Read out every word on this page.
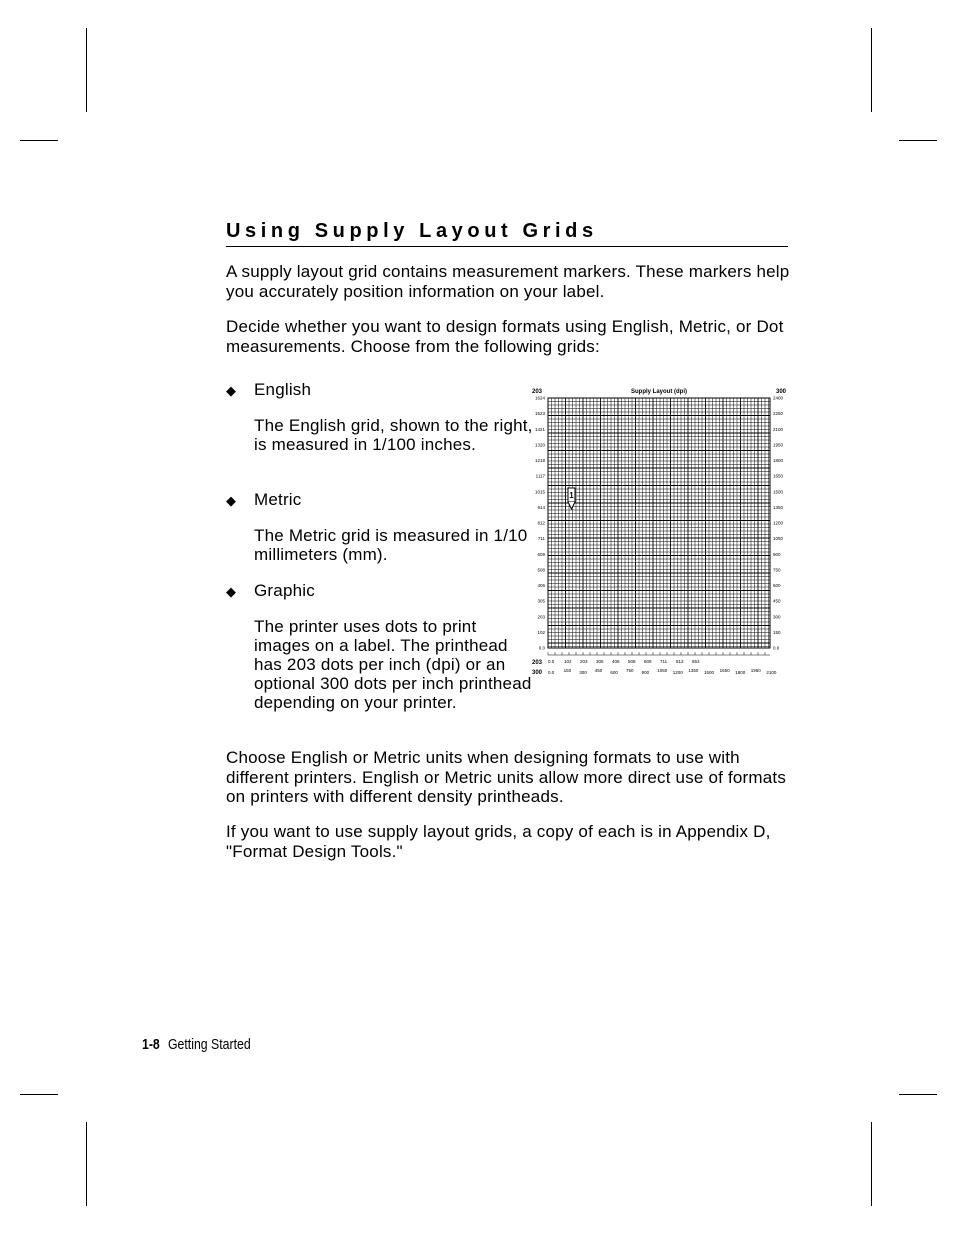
Using Supply Layout Grids

A supply layout grid contains measurement markers. These markers help you accurately position information on your label.

Decide whether you want to design formats using English, Metric, or Dot measurements. Choose from the following grids:

◆ English

The English grid, shown to the right, is measured in 1/100 inches.

◆ Metric

The Metric grid is measured in 1/10 millimeters (mm).

◆ Graphic

The printer uses dots to print images on a label. The printhead has 203 dots per inch (dpi) or an optional 300 dots per inch printhead depending on your printer.

Choose English or Metric units when designing formats to use with different printers. English or Metric units allow more direct use of formats on printers with different density printheads.

If you want to use supply layout grids, a copy of each is in Appendix D, "Format Design Tools."

203	300
Supply Layout (dpi)
1624
1523
1421
1320
1218
1117
1015
914
812
711
609
508
406
305
203
102
0.0
2400
2250
2100
1950
1800
1650
1500
1350
1200
1050
900
750
600
450
300
150
0.0
203
300
0.0 102 203 305 406 508 609 711 812 853
0.0 150 300 450 600 750 900 1050 1200 1350 1500 1650 1800 1950 2100
1
1-8 Getting Started
